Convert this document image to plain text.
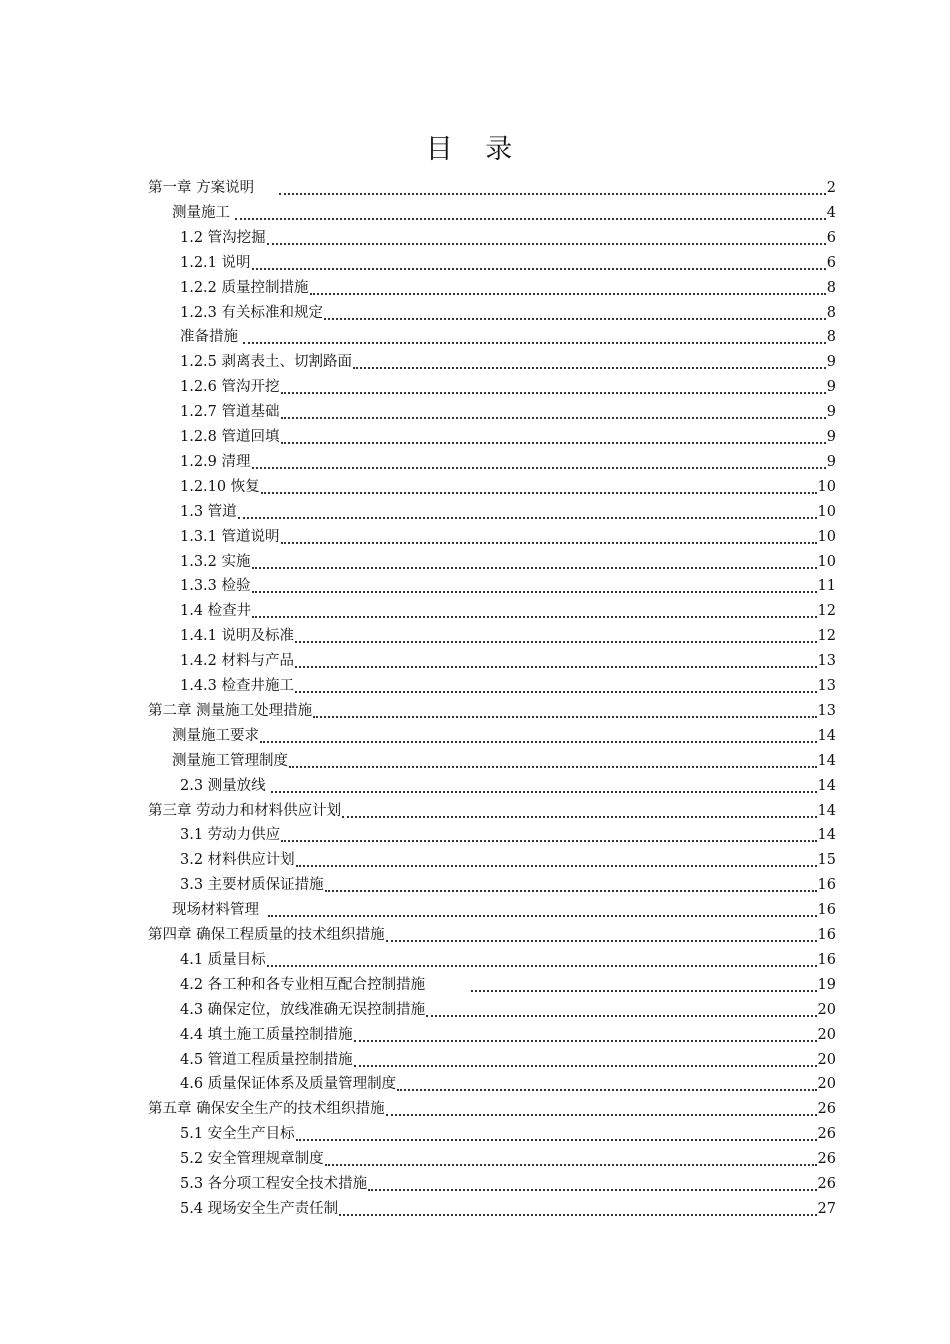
目 录
第一章 方案说明	2
测量施工	4
1.2 管沟挖掘	6
1.2.1 说明	6
1.2.2 质量控制措施	8
1.2.3 有关标准和规定	8
准备措施	8
1.2.5 剥离表土、切割路面	9
1.2.6 管沟开挖	9
1.2.7 管道基础	9
1.2.8 管道回填	9
1.2.9 清理	9
1.2.10 恢复	10
1.3 管道	10
1.3.1 管道说明	10
1.3.2 实施	10
1.3.3 检验	11
1.4 检查井	12
1.4.1 说明及标准	12
1.4.2 材料与产品	13
1.4.3 检查井施工	13
第二章 测量施工处理措施	13
测量施工要求	14
测量施工管理制度	14
2.3 测量放线	14
第三章 劳动力和材料供应计划	14
3.1 劳动力供应	14
3.2 材料供应计划	15
3.3 主要材质保证措施	16
现场材料管理	16
第四章 确保工程质量的技术组织措施	16
4.1 质量目标	16
4.2 各工种和各专业相互配合控制措施	19
4.3 确保定位，放线准确无误控制措施	20
4.4 填土施工质量控制措施	20
4.5 管道工程质量控制措施	20
4.6 质量保证体系及质量管理制度	20
第五章 确保安全生产的技术组织措施	26
5.1 安全生产目标	26
5.2 安全管理规章制度	26
5.3 各分项工程安全技术措施	26
5.4 现场安全生产责任制	27
